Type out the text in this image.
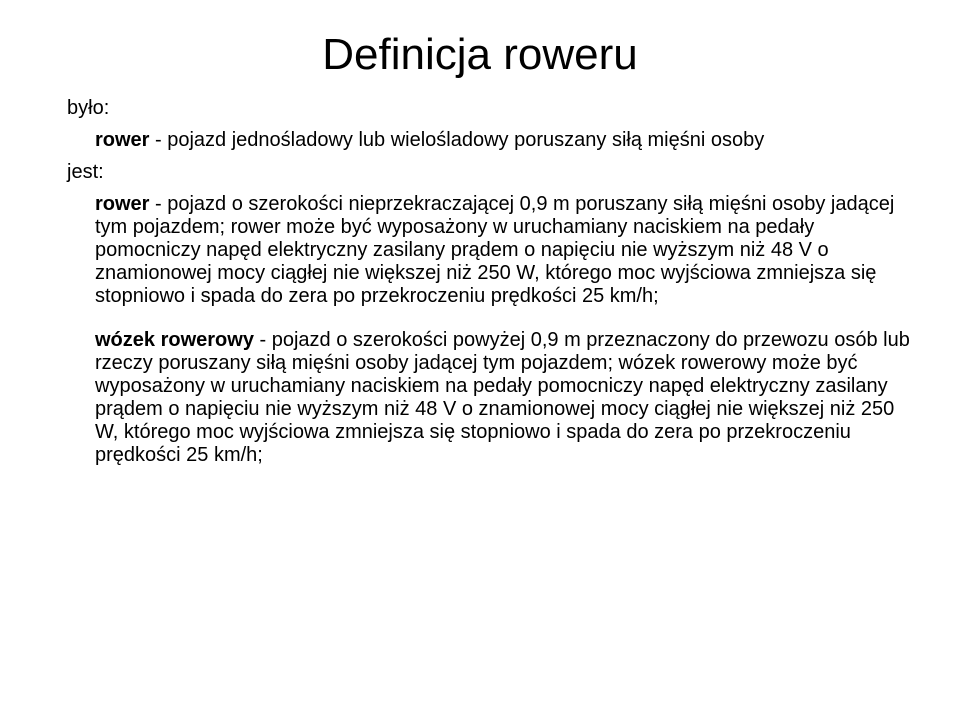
Definicja roweru
było:
rower - pojazd jednośladowy lub wielośladowy poruszany siłą mięśni osoby
jest:
rower - pojazd o szerokości nieprzekraczającej 0,9 m poruszany siłą mięśni osoby jadącej tym pojazdem; rower może być wyposażony w uruchamiany naciskiem na pedały pomocniczy napęd elektryczny zasilany prądem o napięciu nie wyższym niż 48 V o znamionowej mocy ciągłej nie większej niż 250 W, którego moc wyjściowa zmniejsza się stopniowo i spada do zera po przekroczeniu prędkości 25 km/h;
wózek rowerowy - pojazd o szerokości powyżej 0,9 m przeznaczony do przewozu osób lub rzeczy poruszany siłą mięśni osoby jadącej tym pojazdem; wózek rowerowy może być wyposażony w uruchamiany naciskiem na pedały pomocniczy napęd elektryczny zasilany prądem o napięciu nie wyższym niż 48 V o znamionowej mocy ciągłej nie większej niż 250 W, którego moc wyjściowa zmniejsza się stopniowo i spada do zera po przekroczeniu prędkości 25 km/h;
